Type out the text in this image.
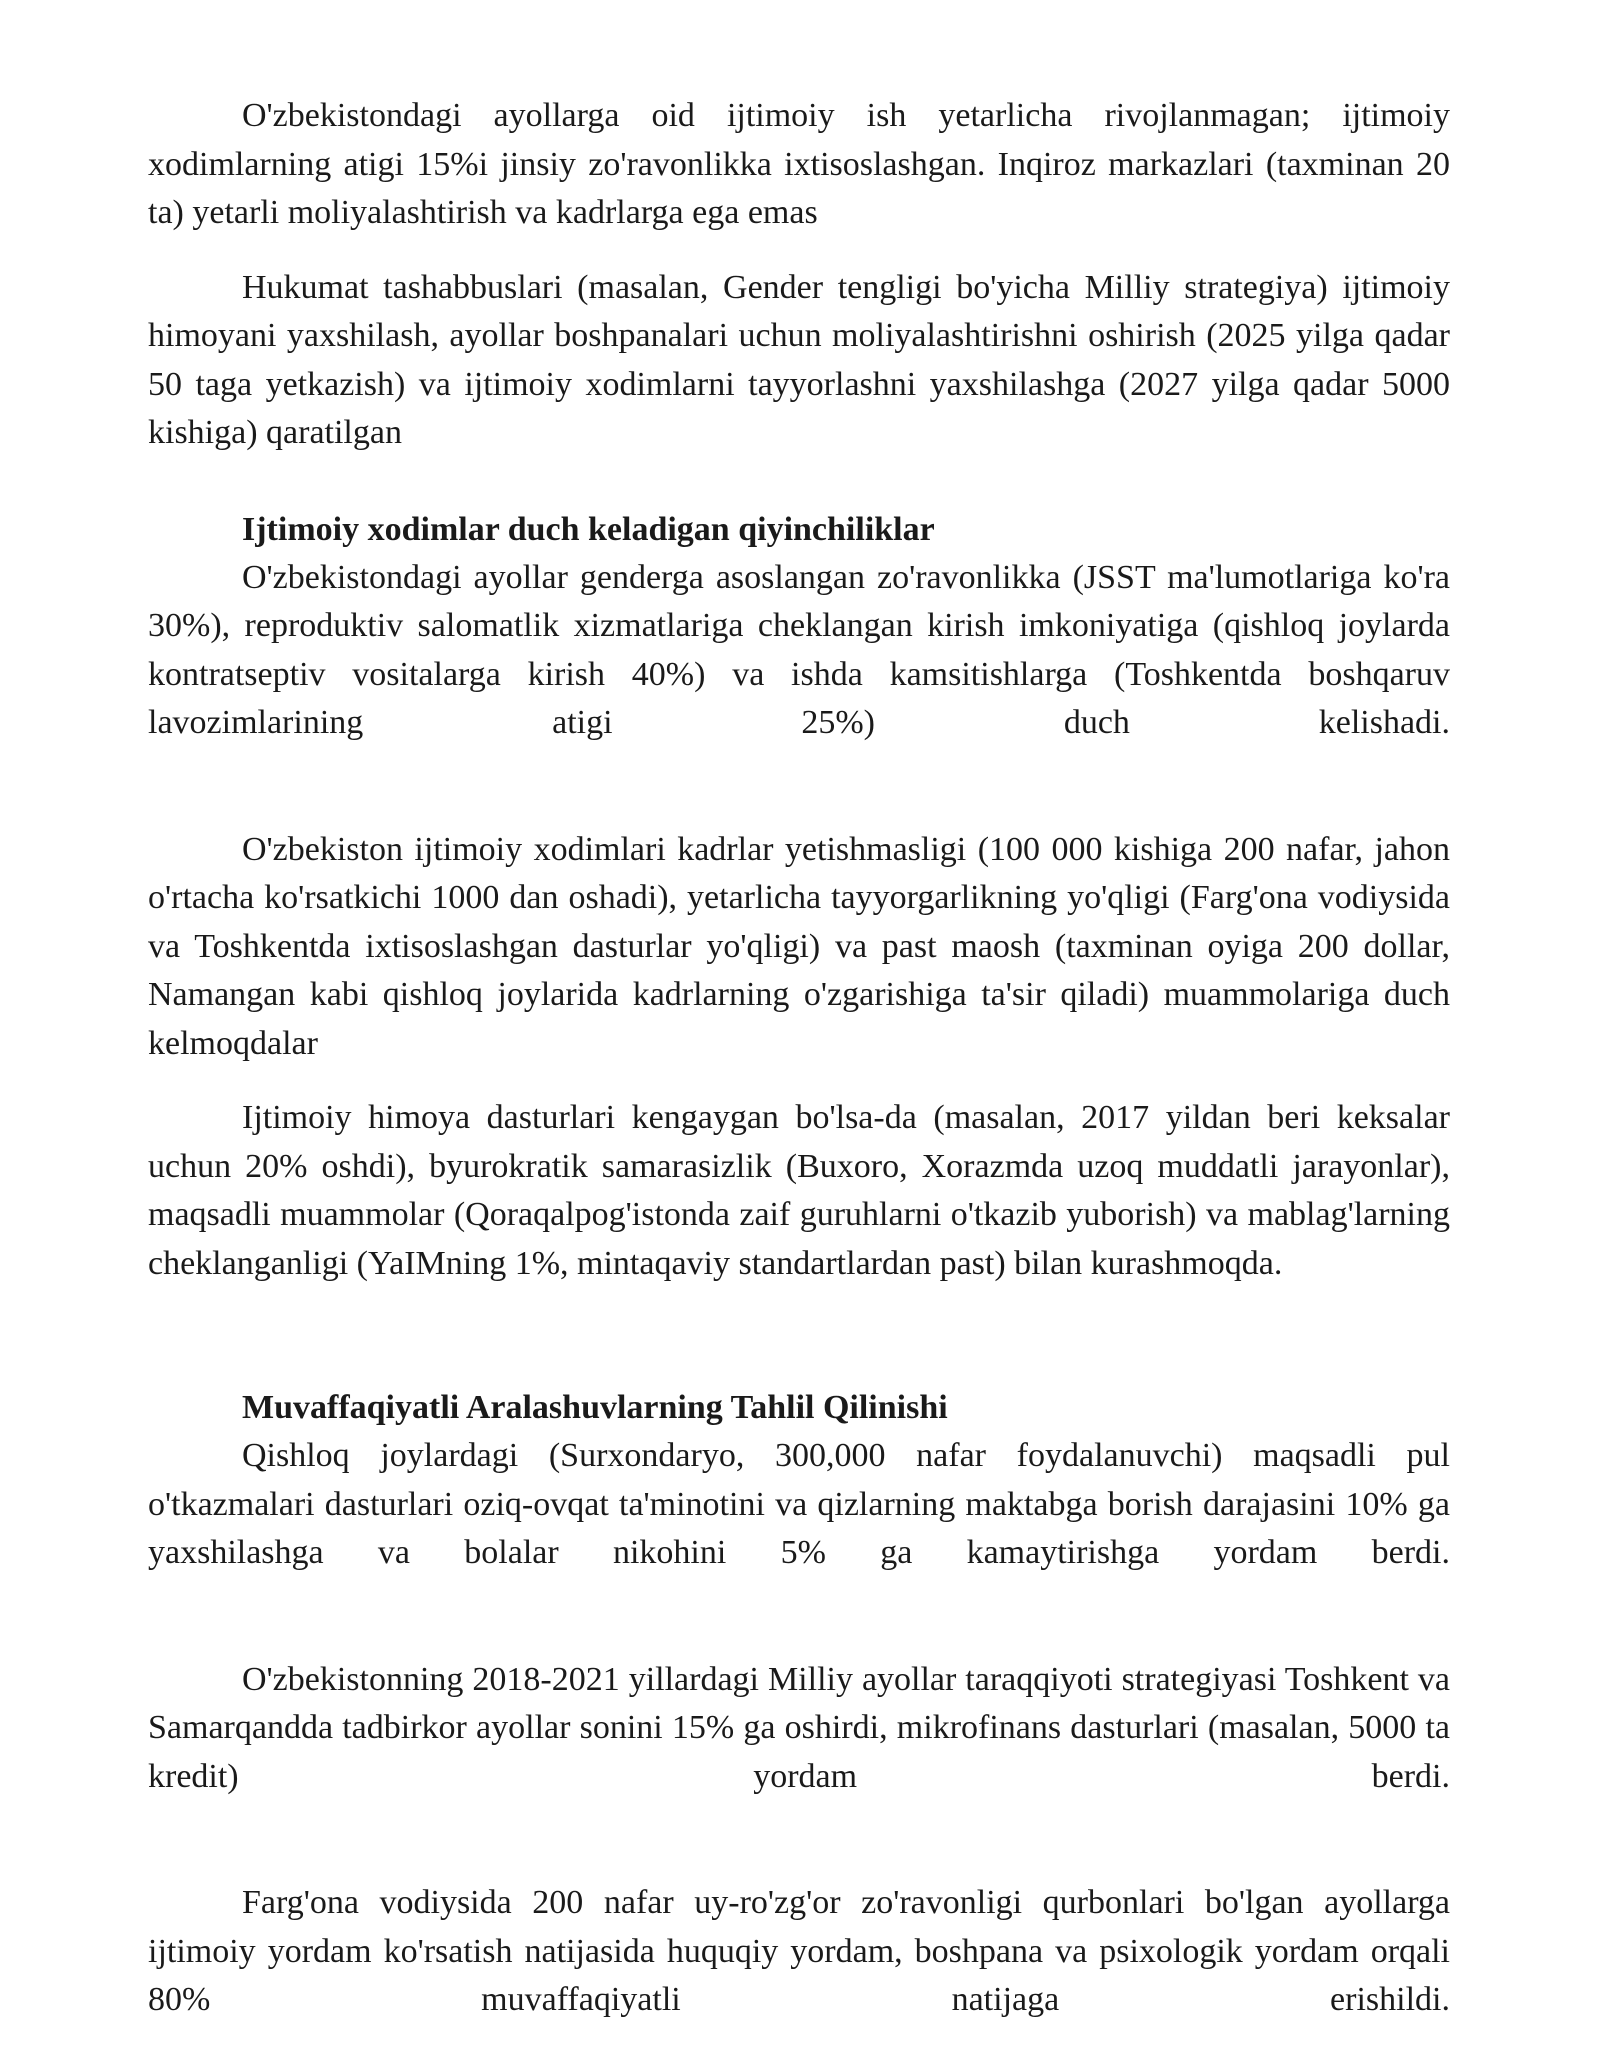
O'zbekistondagi ayollarga oid ijtimoiy ish yetarlicha rivojlanmagan; ijtimoiy xodimlarning atigi 15%i jinsiy zo'ravonlikka ixtisoslashgan. Inqiroz markazlari (taxminan 20 ta) yetarli moliyalashtirish va kadrlarga ega emas

Hukumat tashabbuslari (masalan, Gender tengligi bo'yicha Milliy strategiya) ijtimoiy himoyani yaxshilash, ayollar boshpanalari uchun moliyalashtirishni oshirish (2025 yilga qadar 50 taga yetkazish) va ijtimoiy xodimlarni tayyorlashni yaxshilashga (2027 yilga qadar 5000 kishiga) qaratilgan

Ijtimoiy xodimlar duch keladigan qiyinchiliklar

O'zbekistondagi ayollar genderga asoslangan zo'ravonlikka (JSST ma'lumotlariga ko'ra 30%), reproduktiv salomatlik xizmatlariga cheklangan kirish imkoniyatiga (qishloq joylarda kontratseptiv vositalarga kirish 40%) va ishda kamsitishlarga (Toshkentda boshqaruv lavozimlarining atigi 25%) duch kelishadi.

O'zbekiston ijtimoiy xodimlari kadrlar yetishmasligi (100 000 kishiga 200 nafar, jahon o'rtacha ko'rsatkichi 1000 dan oshadi), yetarlicha tayyorgarlikning yo'qligi (Farg'ona vodiysida va Toshkentda ixtisoslashgan dasturlar yo'qligi) va past maosh (taxminan oyiga 200 dollar, Namangan kabi qishloq joylarida kadrlarning o'zgarishiga ta'sir qiladi) muammolariga duch kelmoqdalar

Ijtimoiy himoya dasturlari kengaygan bo'lsa-da (masalan, 2017 yildan beri keksalar uchun 20% oshdi), byurokratik samarasizlik (Buxoro, Xorazmda uzoq muddatli jarayonlar), maqsadli muammolar (Qoraqalpog'istonda zaif guruhlarni o'tkazib yuborish) va mablag'larning cheklanganligi (YaIMning 1%, mintaqaviy standartlardan past) bilan kurashmoqda.

Muvaffaqiyatli Aralashuvlarning Tahlil Qilinishi

Qishloq joylardagi (Surxondaryo, 300,000 nafar foydalanuvchi) maqsadli pul o'tkazmalari dasturlari oziq-ovqat ta'minotini va qizlarning maktabga borish darajasini 10% ga yaxshilashga va bolalar nikohini 5% ga kamaytirishga yordam berdi.

O'zbekistonning 2018-2021 yillardagi Milliy ayollar taraqqiyoti strategiyasi Toshkent va Samarqandda tadbirkor ayollar sonini 15% ga oshirdi, mikrofinans dasturlari (masalan, 5000 ta kredit) yordam berdi.

Farg'ona vodiysida 200 nafar uy-ro'zg'or zo'ravonligi qurbonlari bo'lgan ayollarga ijtimoiy yordam ko'rsatish natijasida huquqiy yordam, boshpana va psixologik yordam orqali 80% muvaffaqiyatli natijaga erishildi.
